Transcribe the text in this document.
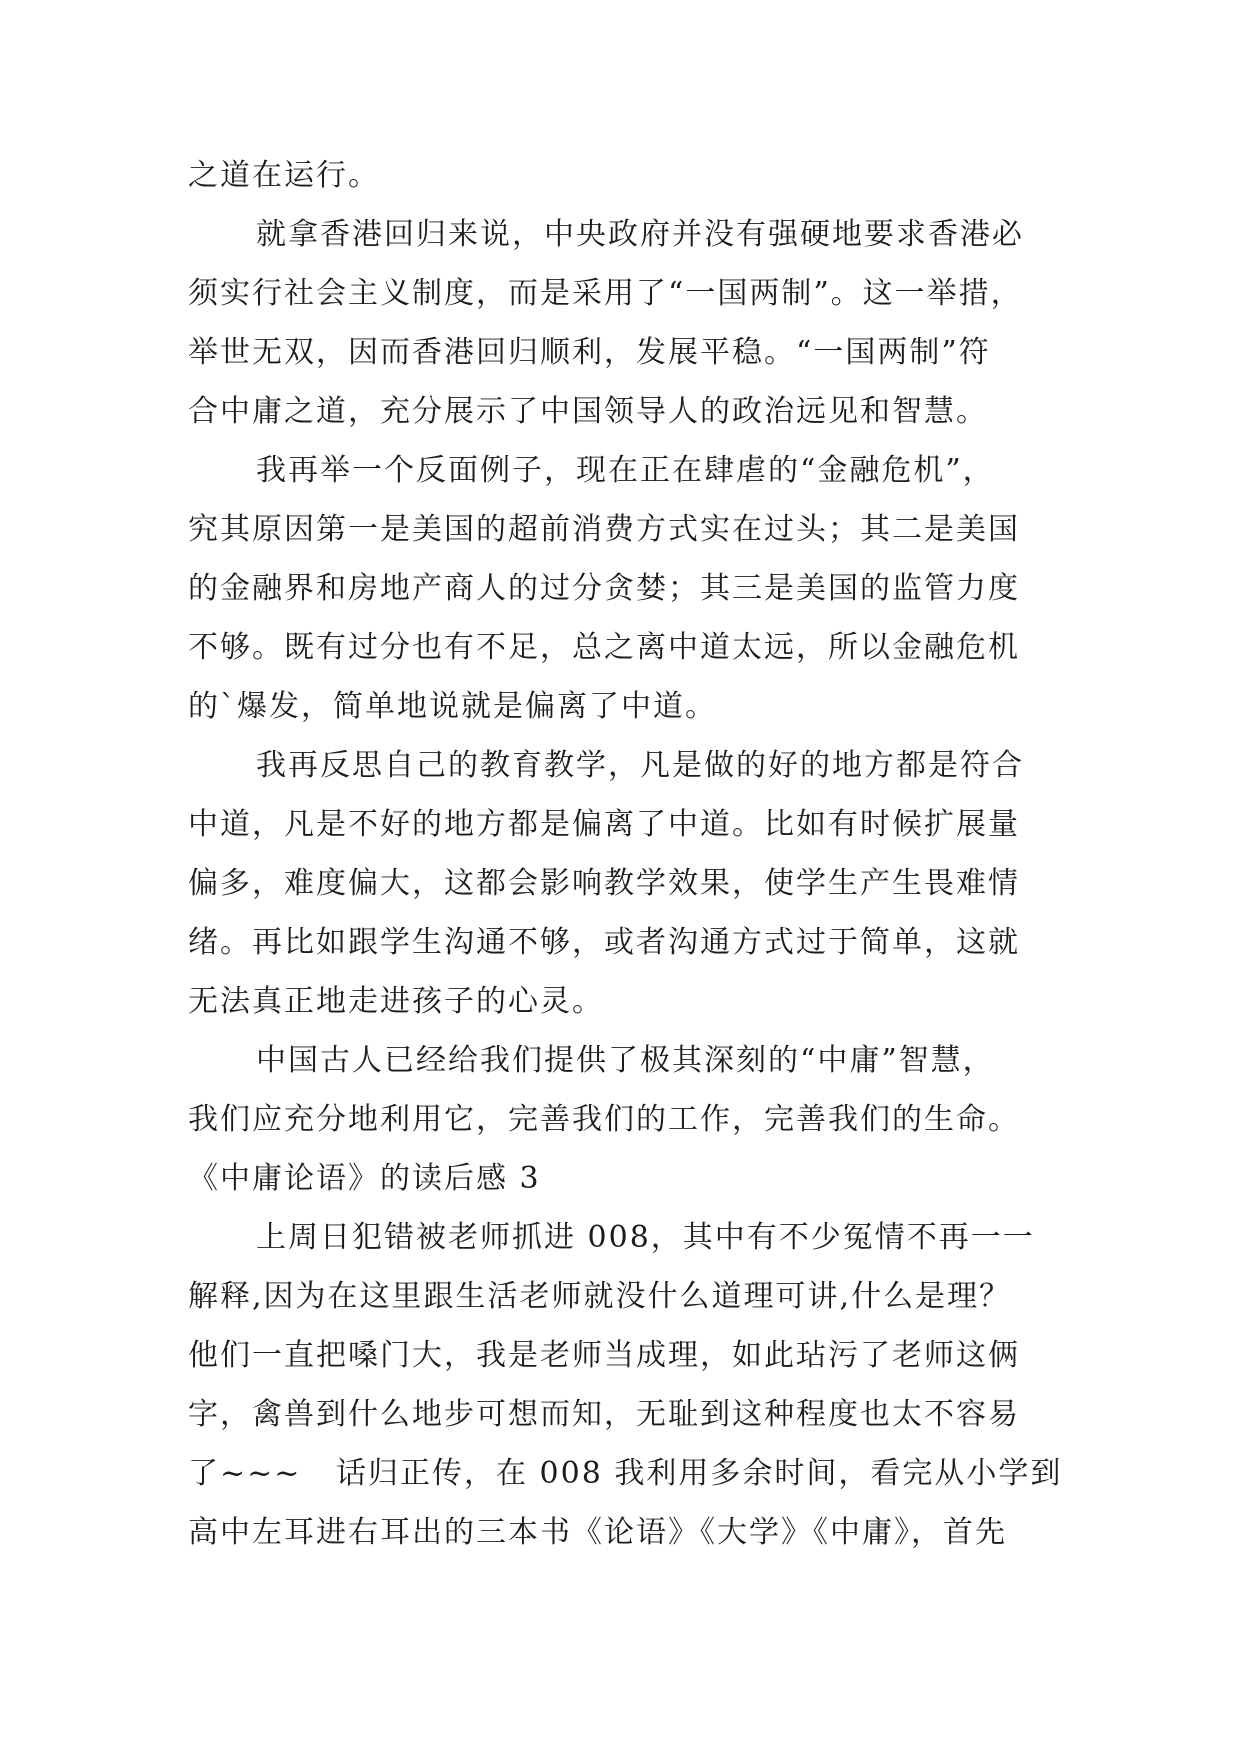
之道在运行。
就拿香港回归来说，中央政府并没有强硬地要求香港必
须实行社会主义制度，而是采用了“一国两制”。这一举措，
举世无双，因而香港回归顺利，发展平稳。“一国两制”符
合中庸之道，充分展示了中国领导人的政治远见和智慧。
我再举一个反面例子，现在正在肆虐的“金融危机”，
究其原因第一是美国的超前消费方式实在过头；其二是美国
的金融界和房地产商人的过分贪婪；其三是美国的监管力度
不够。既有过分也有不足，总之离中道太远，所以金融危机
的`爆发，简单地说就是偏离了中道。
我再反思自己的教育教学，凡是做的好的地方都是符合
中道，凡是不好的地方都是偏离了中道。比如有时候扩展量
偏多，难度偏大，这都会影响教学效果，使学生产生畏难情
绪。再比如跟学生沟通不够，或者沟通方式过于简单，这就
无法真正地走进孩子的心灵。
中国古人已经给我们提供了极其深刻的“中庸”智慧，
我们应充分地利用它，完善我们的工作，完善我们的生命。
《中庸论语》的读后感 3
上周日犯错被老师抓进 008，其中有不少冤情不再一一
解释,因为在这里跟生活老师就没什么道理可讲,什么是理？
他们一直把嗓门大，我是老师当成理，如此玷污了老师这俩
字，禽兽到什么地步可想而知，无耻到这种程度也太不容易
了~~~   话归正传，在 008 我利用多余时间，看完从小学到
高中左耳进右耳出的三本书《论语》《大学》《中庸》，首先
